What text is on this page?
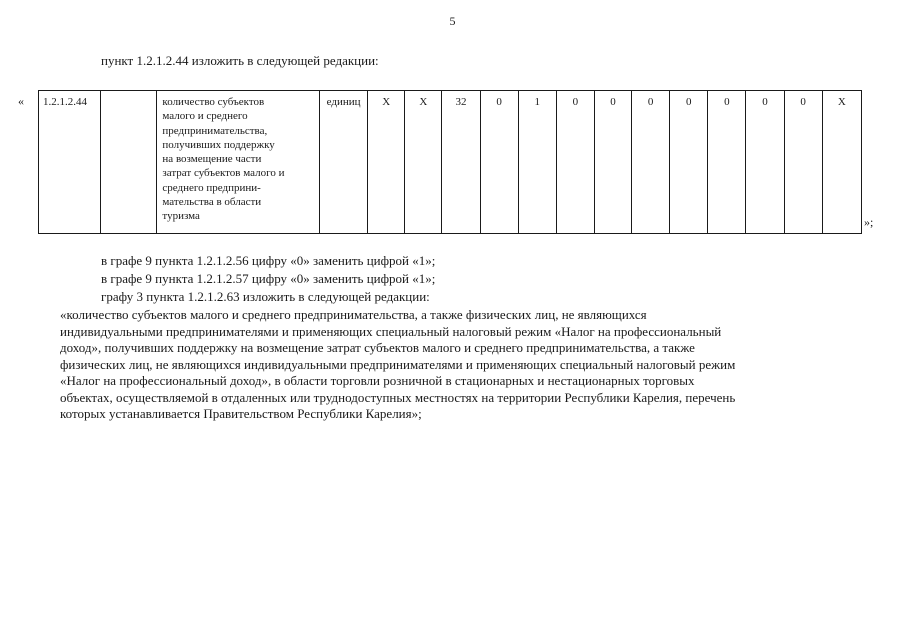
5
пункт 1.2.1.2.44 изложить в следующей редакции:
« 1.2.1.2.44		количество субъектов
малого и среднего
предпринимательства,
получивших поддержку
на возмещение части
затрат субъектов малого и
среднего предприни-
мательства в области
туризма
	единиц	Х	Х	32	0	1	0	0	0	0	0	0	0	Х
»;
в графе 9 пункта 1.2.1.2.56 цифру «0» заменить цифрой «1»;
в графе 9 пункта 1.2.1.2.57 цифру «0» заменить цифрой «1»;
графу 3 пункта 1.2.1.2.63 изложить в следующей редакции:
«количество субъектов малого и среднего предпринимательства, а также физических лиц, не являющихся
индивидуальными предпринимателями и применяющих специальный налоговый режим «Налог на профессиональный
доход», получивших поддержку на возмещение затрат субъектов малого и среднего предпринимательства, а также
физических лиц, не являющихся индивидуальными предпринимателями и применяющих специальный налоговый режим
«Налог на профессиональный доход», в области торговли розничной в стационарных и нестационарных торговых
объектах, осуществляемой в отдаленных или труднодоступных местностях на территории Республики Карелия, перечень
которых устанавливается Правительством Республики Карелия»;
